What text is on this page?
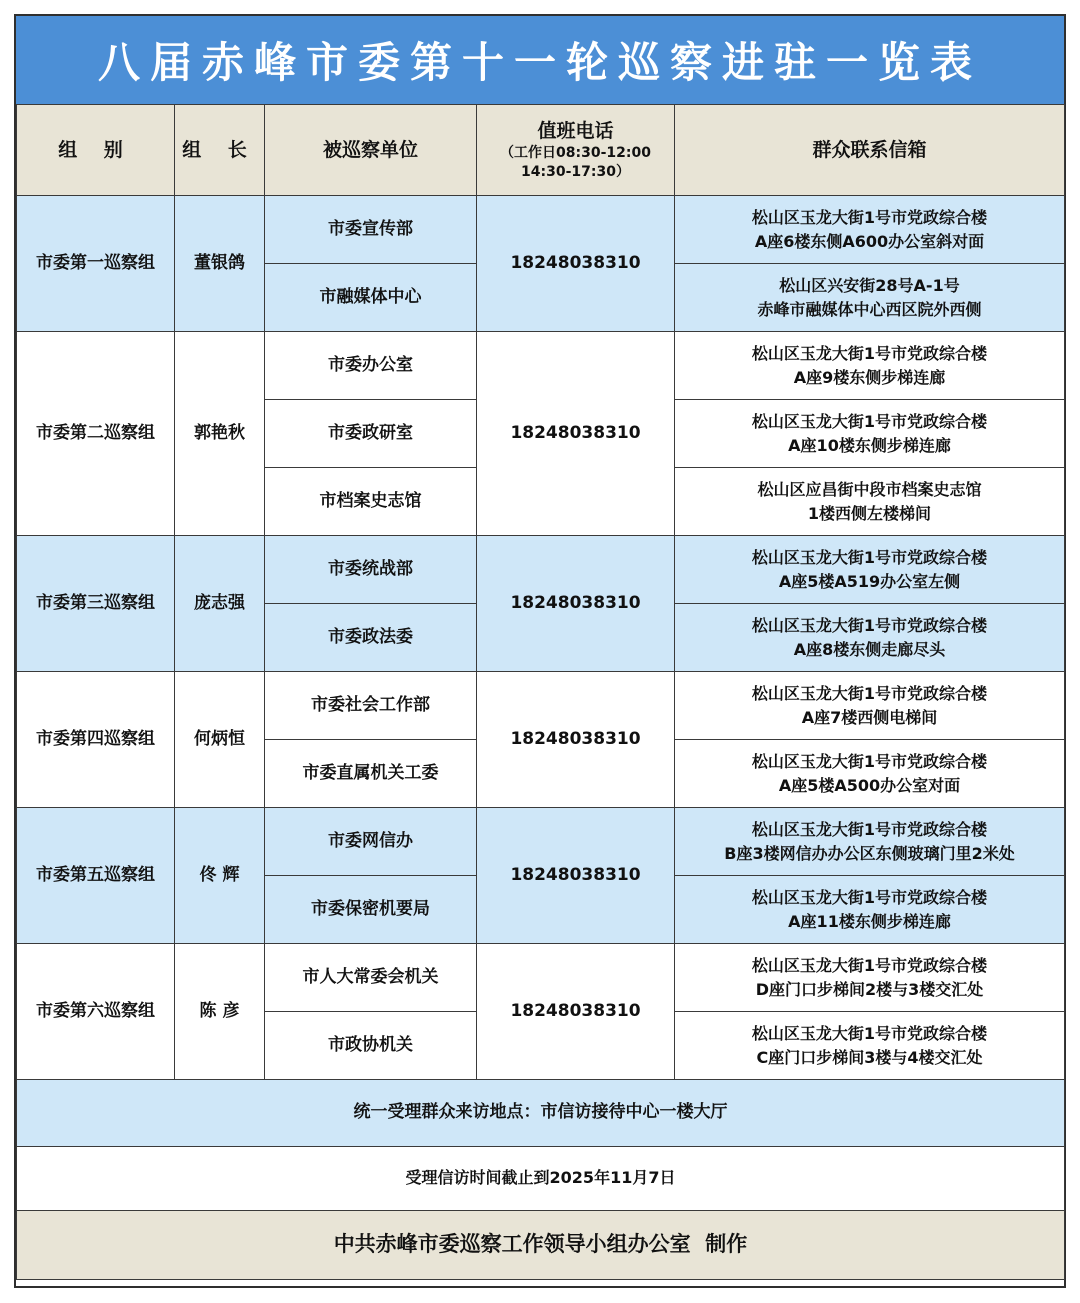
八届赤峰市委第十一轮巡察进驻一览表
组 别	组 长	被巡察单位	值班电话
（工作日08:30-12:00
14:30-17:30）	群众联系信箱
市委第一巡察组	董银鸽	市委宣传部	18248038310	松山区玉龙大街1号市党政综合楼
A座6楼东侧A600办公室斜对面

		市融媒体中心		松山区兴安街28号A-1号
赤峰市融媒体中心西区院外西侧

市委第二巡察组	郭艳秋	市委办公室	18248038310	松山区玉龙大街1号市党政综合楼
A座9楼东侧步梯连廊

		市委政研室		松山区玉龙大街1号市党政综合楼
A座10楼东侧步梯连廊

		市档案史志馆		松山区应昌街中段市档案史志馆
1楼西侧左楼梯间

市委第三巡察组	庞志强	市委统战部	18248038310	松山区玉龙大街1号市党政综合楼
A座5楼A519办公室左侧

		市委政法委		松山区玉龙大街1号市党政综合楼
A座8楼东侧走廊尽头

市委第四巡察组	何炳恒	市委社会工作部	18248038310	松山区玉龙大街1号市党政综合楼
A座7楼西侧电梯间

		市委直属机关工委		松山区玉龙大街1号市党政综合楼
A座5楼A500办公室对面

市委第五巡察组	佟 辉	市委网信办	18248038310	松山区玉龙大街1号市党政综合楼
B座3楼网信办办公区东侧玻璃门里2米处

		市委保密机要局		松山区玉龙大街1号市党政综合楼
A座11楼东侧步梯连廊

市委第六巡察组	陈 彦	市人大常委会机关	18248038310	松山区玉龙大街1号市党政综合楼
D座门口步梯间2楼与3楼交汇处

		市政协机关		松山区玉龙大街1号市党政综合楼
C座门口步梯间3楼与4楼交汇处

统一受理群众来访地点：市信访接待中心一楼大厅				
受理信访时间截止到2025年11月7日				
中共赤峰市委巡察工作领导小组办公室  制作				
